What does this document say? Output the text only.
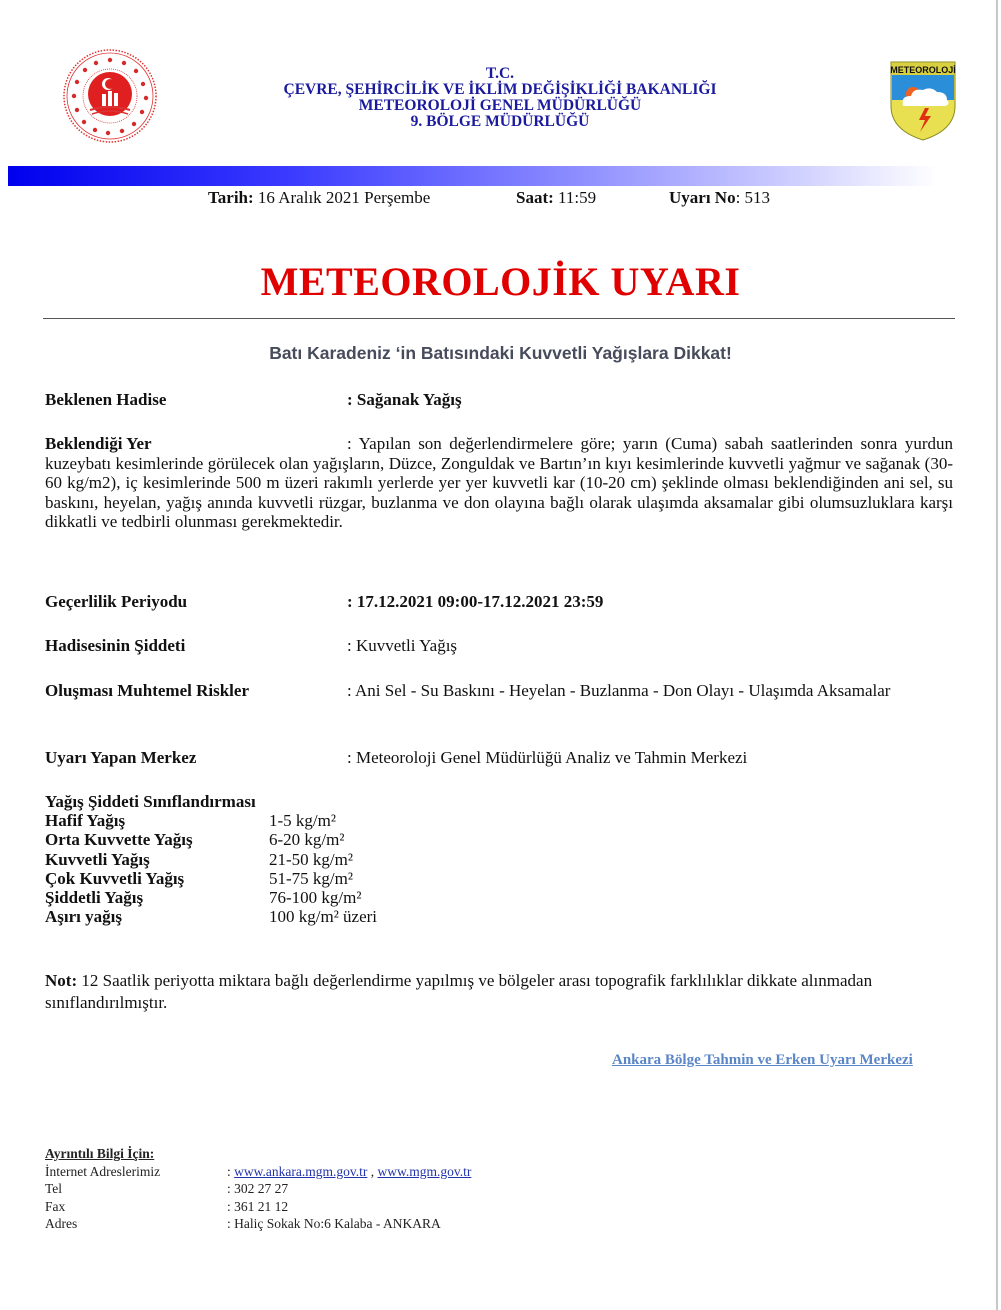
T.C.
ÇEVRE, ŞEHİRCİLİK VE İKLİM DEĞİŞİKLİĞİ BAKANLIĞI
METEOROLOJİ GENEL MÜDÜRLÜĞÜ
9. BÖLGE MÜDÜRLÜĞÜ
METEOROLOJİ
Tarih: 16 Aralık 2021 Perşembe	Saat: 11:59	Uyarı No: 513
METEOROLOJİK UYARI
Batı Karadeniz ‘in Batısındaki Kuvvetli Yağışlara Dikkat!
Beklenen Hadise	: Sağanak Yağış
Beklendiği Yer	: Yapılan son değerlendirmelere göre; yarın (Cuma) sabah saatlerinden sonra yurdun kuzeybatı kesimlerinde görülecek olan yağışların, Düzce, Zonguldak ve Bartın’ın kıyı kesimlerinde kuvvetli yağmur ve sağanak (30-60 kg/m2), iç kesimlerinde 500 m üzeri rakımlı yerlerde yer yer kuvvetli kar (10-20 cm) şeklinde olması beklendiğinden ani sel, su baskını, heyelan, yağış anında kuvvetli rüzgar, buzlanma ve don olayına bağlı olarak ulaşımda aksamalar gibi olumsuzluklara karşı dikkatli ve tedbirli olunması gerekmektedir.
Geçerlilik Periyodu	: 17.12.2021 09:00-17.12.2021 23:59
Hadisesinin Şiddeti	: Kuvvetli Yağış
Oluşması Muhtemel Riskler	: Ani Sel - Su Baskını - Heyelan - Buzlanma - Don Olayı - Ulaşımda Aksamalar
Uyarı Yapan Merkez	: Meteoroloji Genel Müdürlüğü Analiz ve Tahmin Merkezi
Yağış Şiddeti Sınıflandırması
Hafif Yağış	1-5 kg/m²
Orta Kuvvette Yağış	6-20 kg/m²
Kuvvetli Yağış	21-50 kg/m²
Çok Kuvvetli Yağış	51-75 kg/m²
Şiddetli Yağış	76-100 kg/m²
Aşırı yağış	100 kg/m² üzeri
Not: 12 Saatlik periyotta miktara bağlı değerlendirme yapılmış ve bölgeler arası topografik farklılıklar dikkate alınmadan sınıflandırılmıştır.
Ankara Bölge Tahmin ve Erken Uyarı Merkezi
Ayrıntılı Bilgi İçin:
İnternet Adreslerimiz	: www.ankara.mgm.gov.tr , www.mgm.gov.tr
Tel	: 302 27 27
Fax	: 361 21 12
Adres	: Haliç Sokak No:6 Kalaba - ANKARA
